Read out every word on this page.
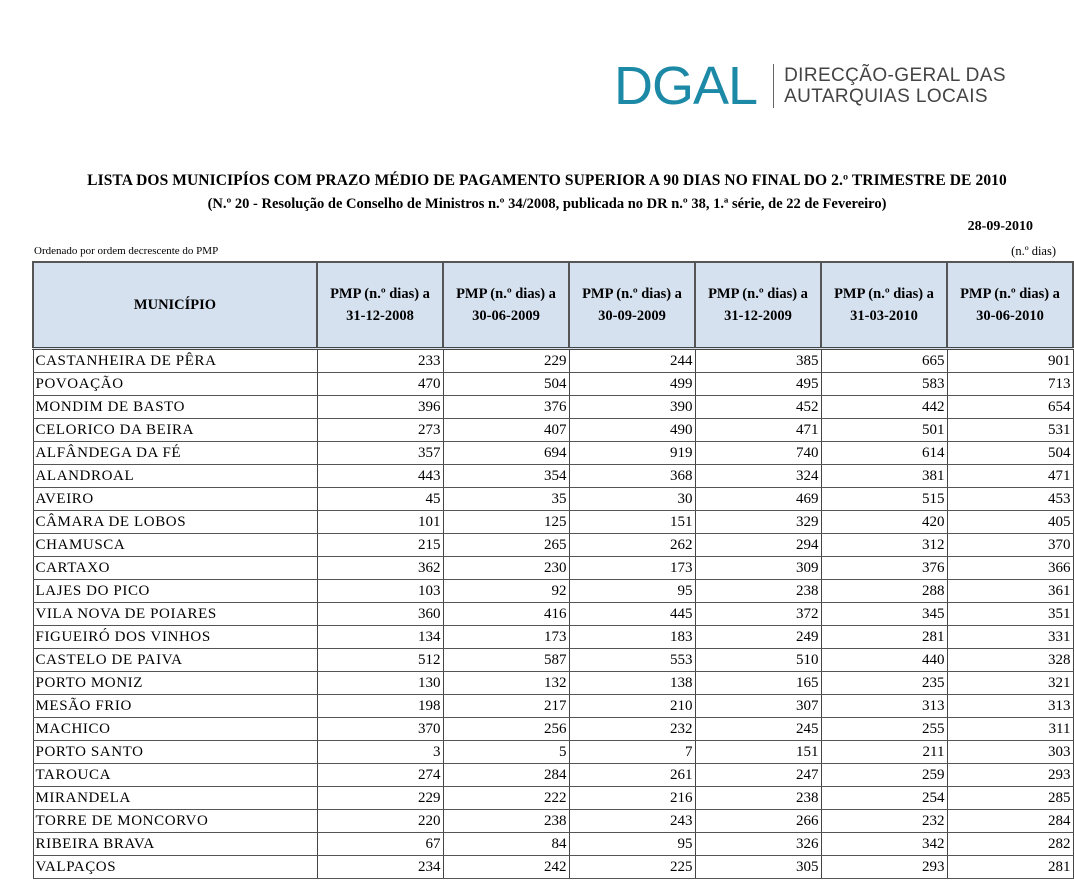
DGAL DIRECÇÃO-GERAL DAS
AUTARQUIAS LOCAIS
LISTA DOS MUNICIPÍOS COM PRAZO MÉDIO DE PAGAMENTO SUPERIOR A 90 DIAS NO FINAL DO 2.º TRIMESTRE DE 2010
(N.º 20 - Resolução de Conselho de Ministros n.º 34/2008, publicada no DR n.º 38, 1.ª série, de 22 de Fevereiro)
28-09-2010
Ordenado por ordem decrescente do PMP	(n.º dias)
MUNICÍPIO	PMP (n.º dias) a 31-12-2008	PMP (n.º dias) a 30-06-2009	PMP (n.º dias) a 30-09-2009	PMP (n.º dias) a 31-12-2009	PMP (n.º dias) a 31-03-2010	PMP (n.º dias) a 30-06-2010
CASTANHEIRA DE PÊRA	233	229	244	385	665	901
POVOAÇÃO	470	504	499	495	583	713
MONDIM DE BASTO	396	376	390	452	442	654
CELORICO DA BEIRA	273	407	490	471	501	531
ALFÂNDEGA DA FÉ	357	694	919	740	614	504
ALANDROAL	443	354	368	324	381	471
AVEIRO	45	35	30	469	515	453
CÂMARA DE LOBOS	101	125	151	329	420	405
CHAMUSCA	215	265	262	294	312	370
CARTAXO	362	230	173	309	376	366
LAJES DO PICO	103	92	95	238	288	361
VILA NOVA DE POIARES	360	416	445	372	345	351
FIGUEIRÓ DOS VINHOS	134	173	183	249	281	331
CASTELO DE PAIVA	512	587	553	510	440	328
PORTO MONIZ	130	132	138	165	235	321
MESÃO FRIO	198	217	210	307	313	313
MACHICO	370	256	232	245	255	311
PORTO SANTO	3	5	7	151	211	303
TAROUCA	274	284	261	247	259	293
MIRANDELA	229	222	216	238	254	285
TORRE DE MONCORVO	220	238	243	266	232	284
RIBEIRA BRAVA	67	84	95	326	342	282
VALPAÇOS	234	242	225	305	293	281
